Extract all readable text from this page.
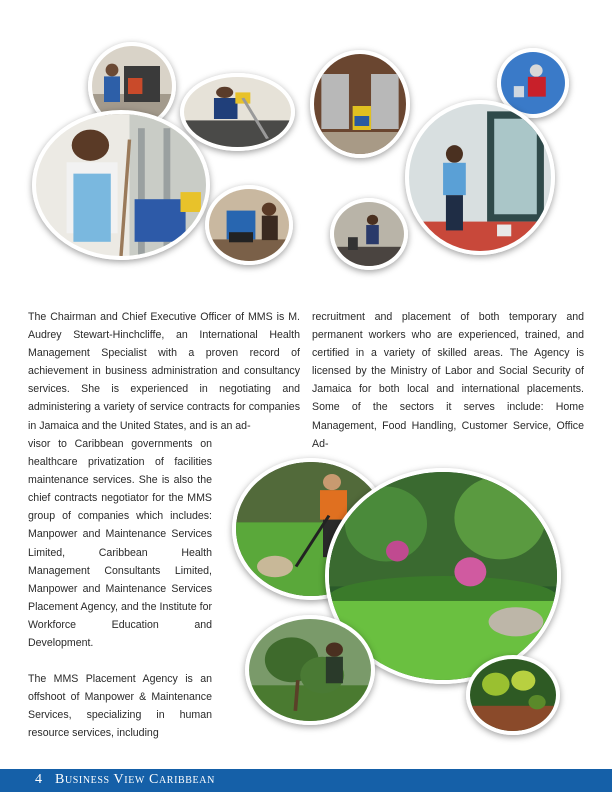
The Chairman and Chief Executive Officer of MMS is M. Audrey Stewart-Hinchcliffe, an International Health Management Specialist with a proven record of achievement in business administration and consultancy services. She is experienced in negotiating and administering a variety of service contracts for companies in Jamaica and the United States, and is an ad-

recruitment and placement of both temporary and permanent workers who are experienced, trained, and certified in a variety of skilled areas. The Agency is licensed by the Ministry of Labor and Social Security of Jamaica for both local and international placements. Some of the sectors it serves include: Home Management, Food Handling, Customer Service, Office Ad-

visor to Caribbean governments on healthcare privatization of facilities maintenance services. She is also the chief contracts negotiator for the MMS group of companies which includes: Manpower and Maintenance Services Limited, Caribbean Health Management Consultants Limited, Manpower and Maintenance Services Placement Agency, and the Institute for Workforce Education and Development.

The MMS Placement Agency is an offshoot of Manpower & Maintenance Services, specializing in human resource services, including

4 Business View Caribbean
